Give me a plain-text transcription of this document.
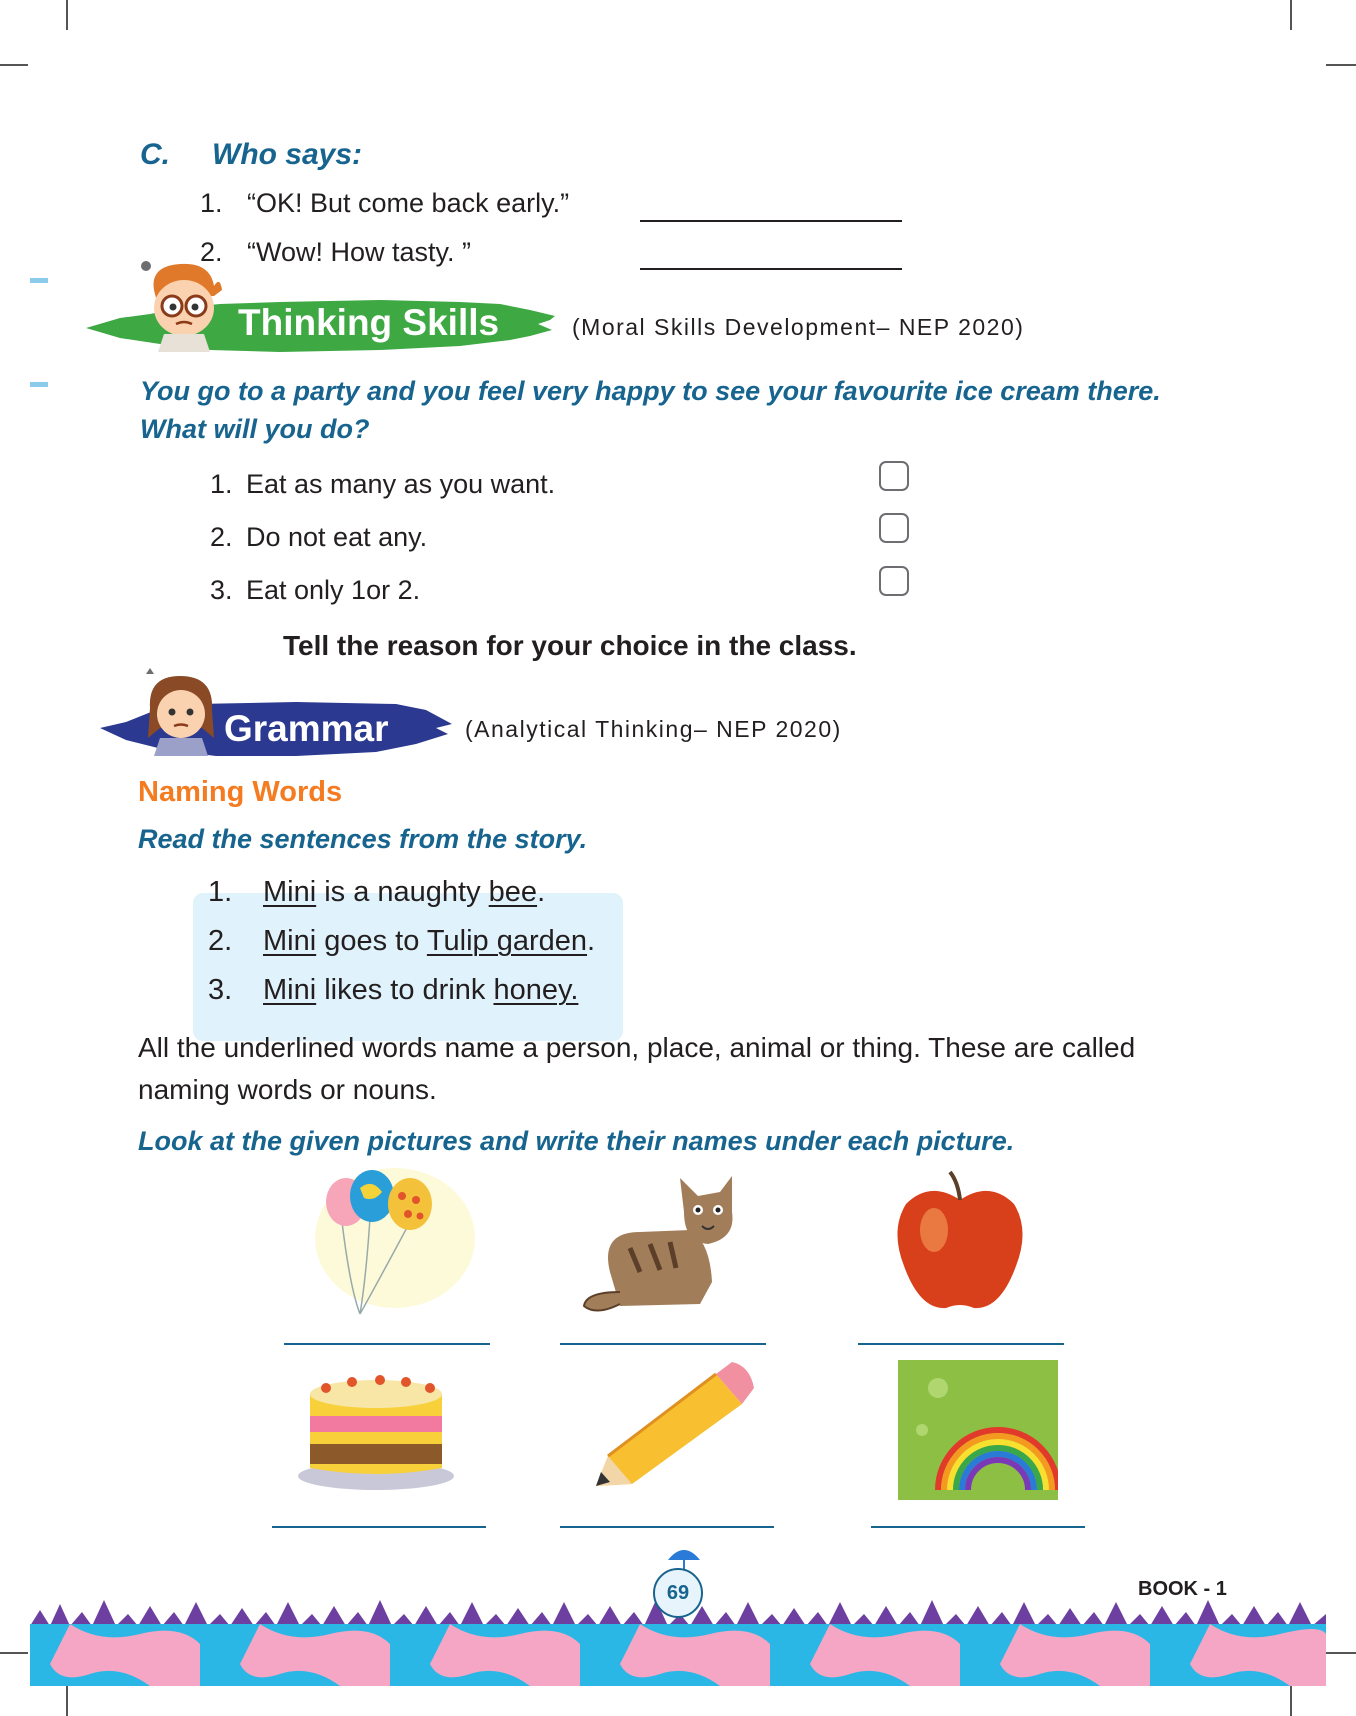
C. Who says:
1. “OK! But come back early.”
2. “Wow! How tasty. ”
Thinking Skills	(Moral Skills Development– NEP 2020)
You go to a party and you feel very happy to see your favourite ice cream there.
What will you do?
1. Eat as many as you want.
2. Do not eat any.
3. Eat only 1or 2.
Tell the reason for your choice in the class.
Grammar	(Analytical Thinking– NEP 2020)
Naming Words
Read the sentences from the story.
1. Mini is a naughty bee.
2. Mini goes to Tulip garden.
3. Mini likes to drink honey.
All the underlined words name a person, place, animal or thing. These are called
naming words or nouns.
Look at the given pictures and write their names under each picture.
69	BOOK - 1
